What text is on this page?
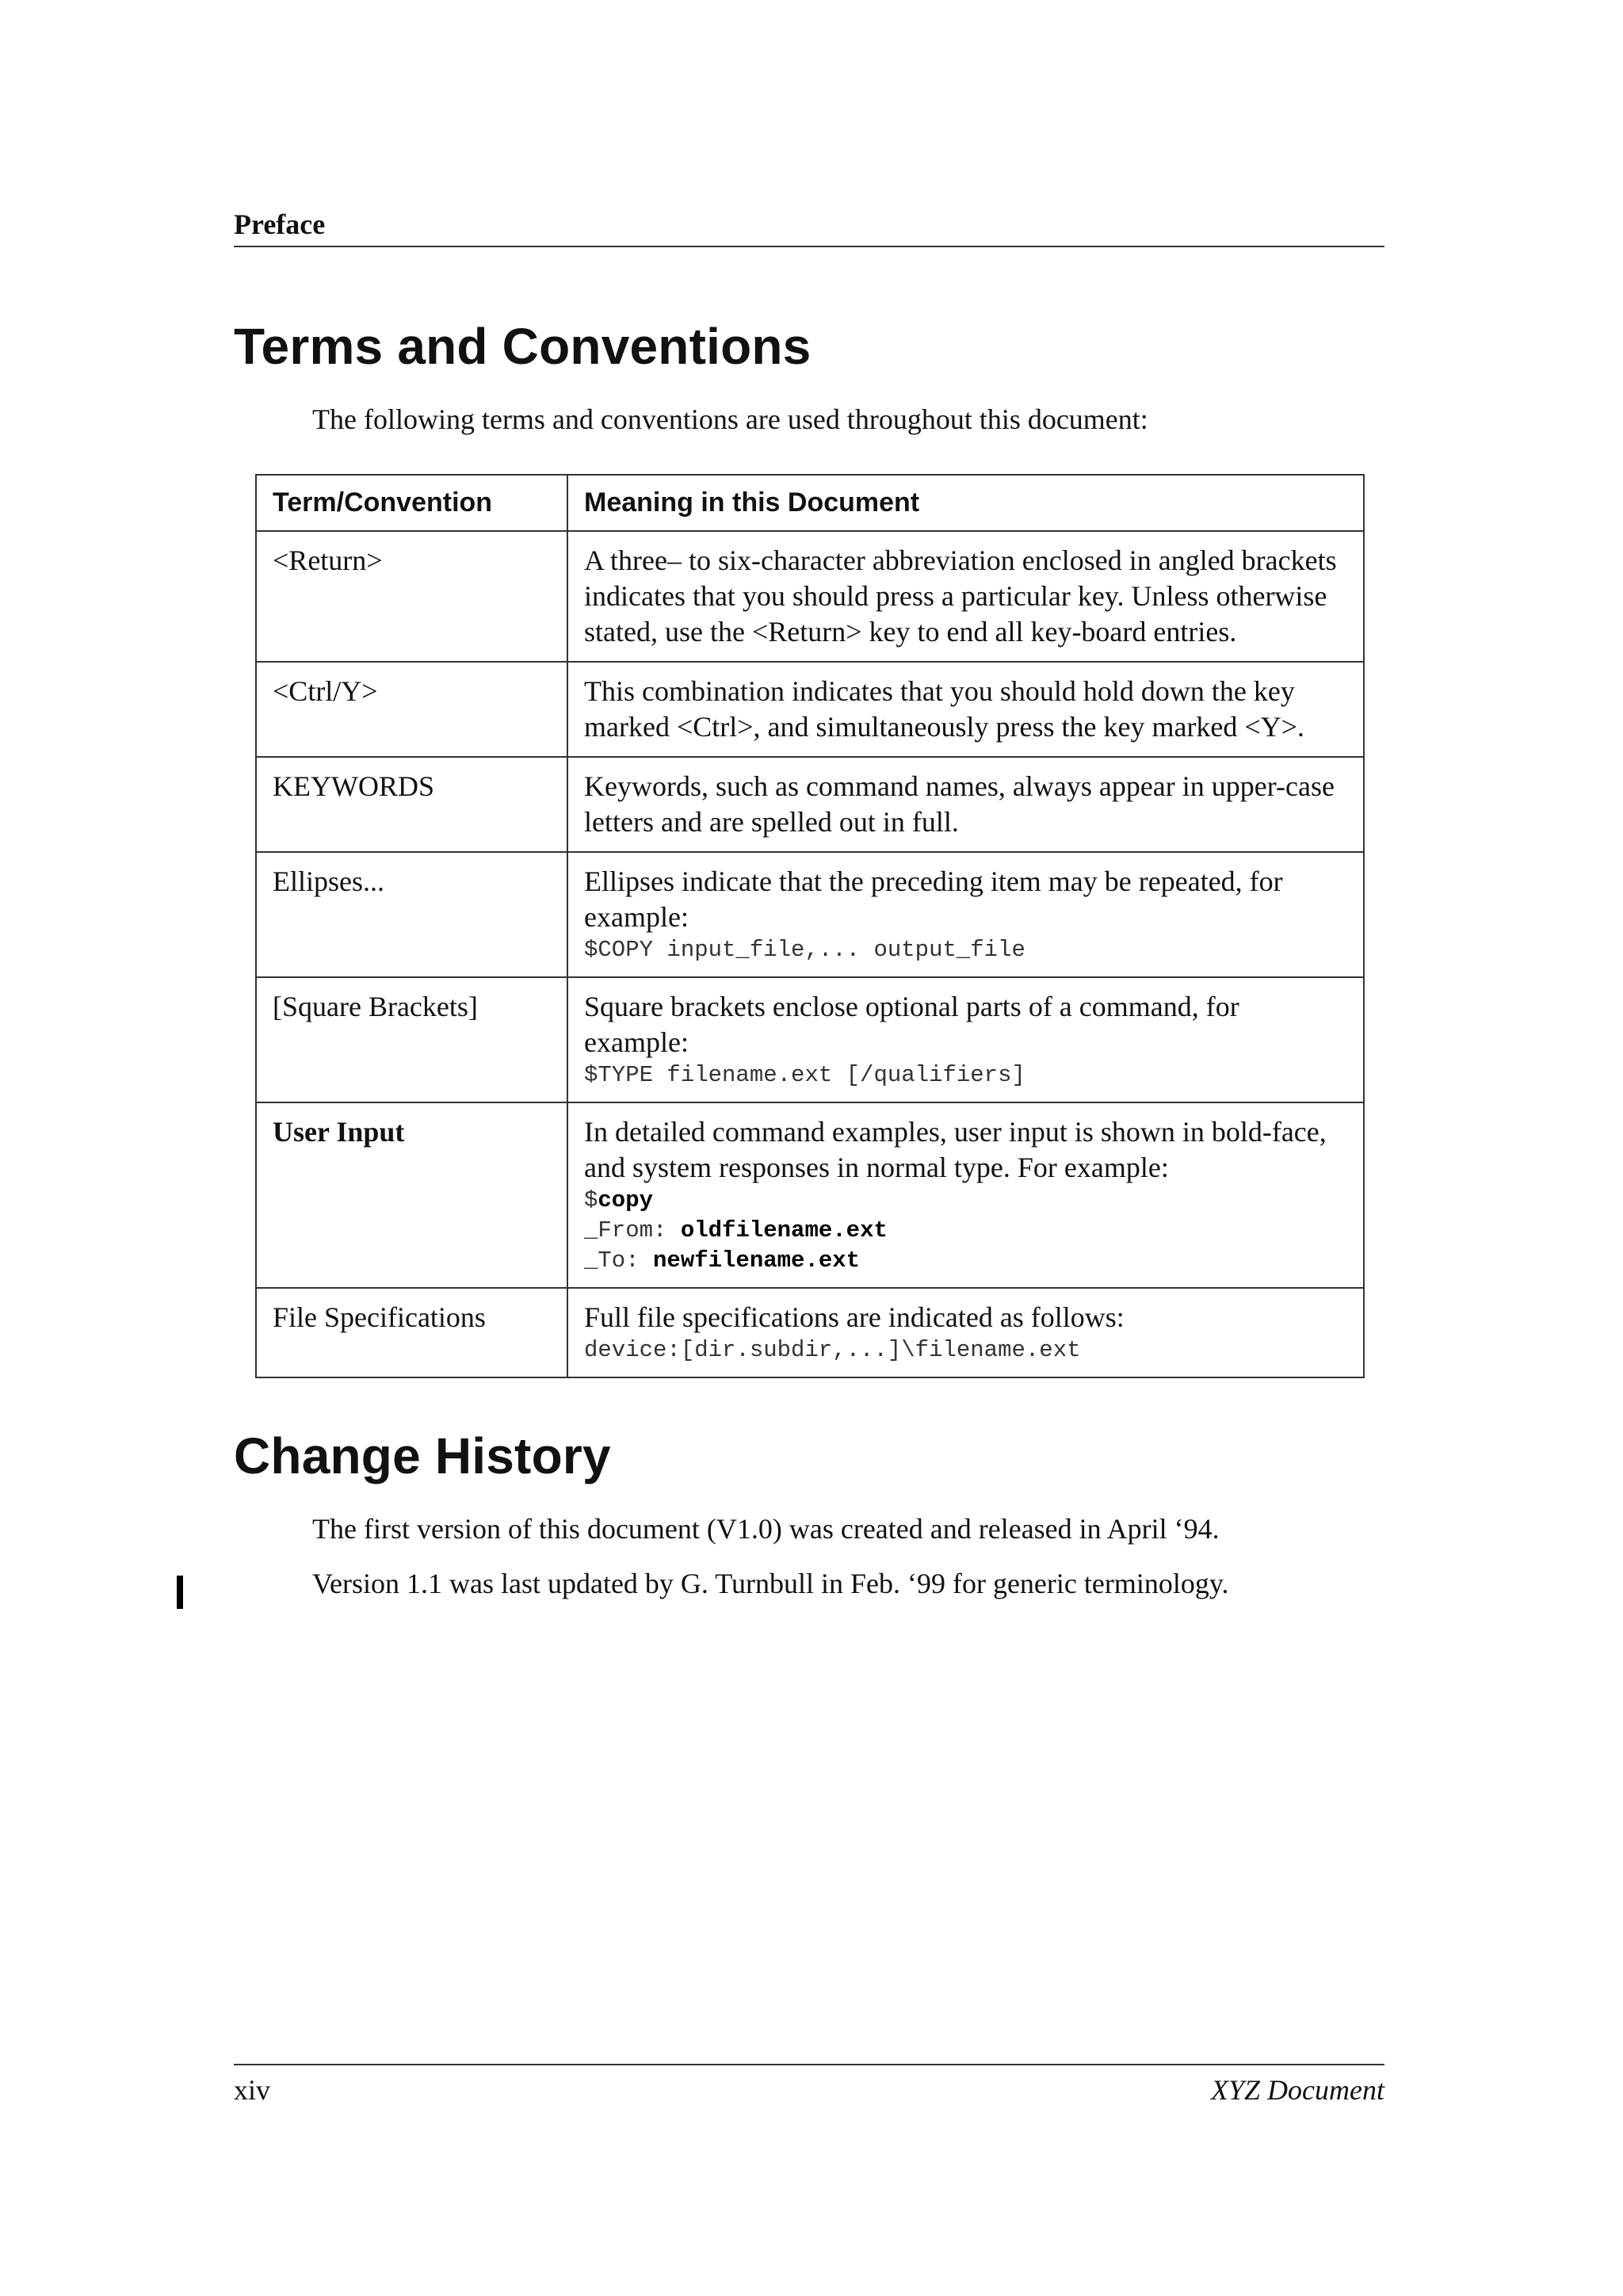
Preface
Terms and Conventions

The following terms and conventions are used throughout this document:

Term/Convention	Meaning in this Document
<Return>	A three– to six-character abbreviation enclosed in angled brackets indicates that you should press a particular key. Unless otherwise stated, use the <Return> key to end all key-board entries.
<Ctrl/Y>	This combination indicates that you should hold down the key marked <Ctrl>, and simultaneously press the key marked <Y>.
KEYWORDS	Keywords, such as command names, always appear in upper-case letters and are spelled out in full.
Ellipses...	Ellipses indicate that the preceding item may be repeated, for example:
$COPY input_file,... output_file

[Square Brackets]	Square brackets enclose optional parts of a command, for example:
$TYPE filename.ext [/qualifiers]

User Input	In detailed command examples, user input is shown in bold-face, and system responses in normal type. For example:
$copy
_From: oldfilename.ext
_To: newfilename.ext

File Specifications	Full file specifications are indicated as follows:
device:[dir.subdir,...]\filename.ext
Change History

The first version of this document (V1.0) was created and released in April ‘94.

Version 1.1 was last updated by G. Turnbull in Feb. ‘99 for generic terminology.

xiv	XYZ Document
